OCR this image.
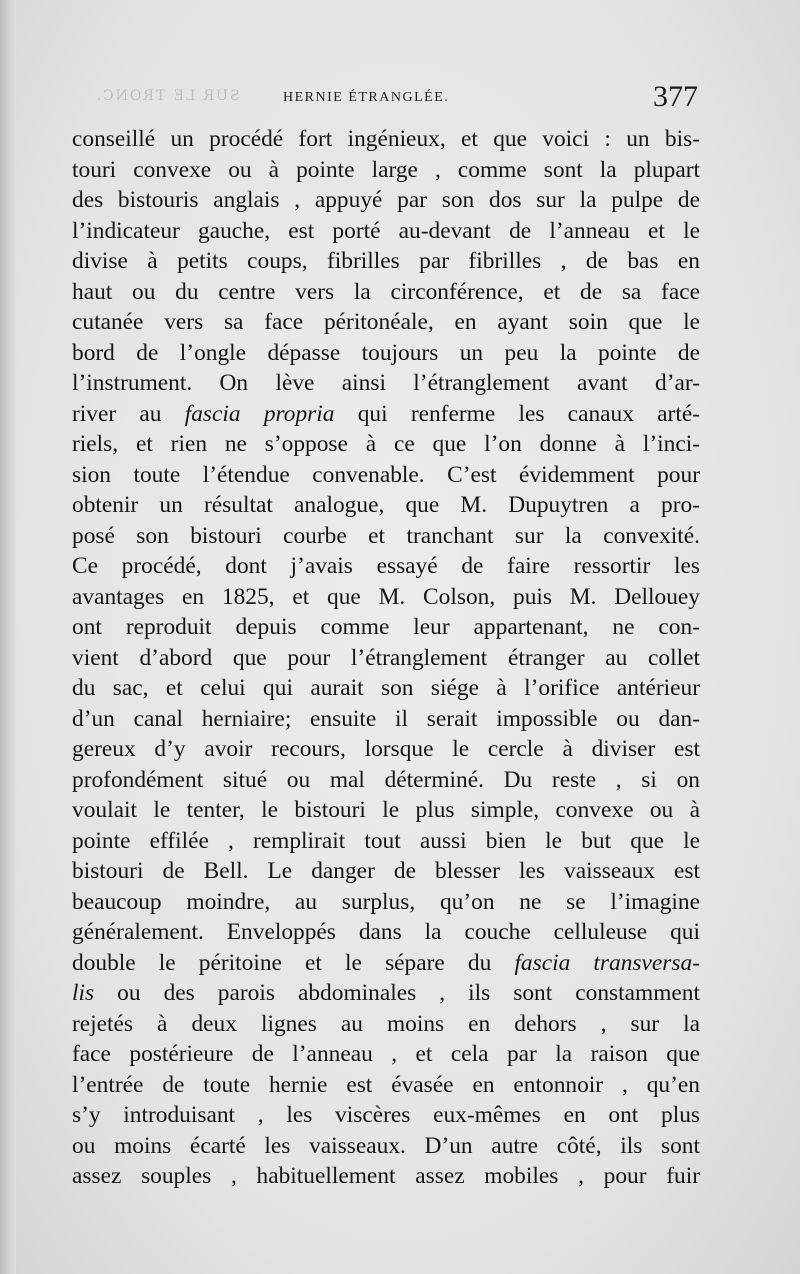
SUR LE TRONC.	HERNIE ÉTRANGLÉE.	377
conseillé un procédé fort ingénieux, et que voici : un bis-
touri convexe ou à pointe large , comme sont la plupart
des bistouris anglais , appuyé par son dos sur la pulpe de
l’indicateur gauche, est porté au-devant de l’anneau et le
divise à petits coups, fibrilles par fibrilles , de bas en
haut ou du centre vers la circonférence, et de sa face
cutanée vers sa face péritonéale, en ayant soin que le
bord de l’ongle dépasse toujours un peu la pointe de
l’instrument. On lève ainsi l’étranglement avant d’ar-
river au fascia propria qui renferme les canaux arté-
riels, et rien ne s’oppose à ce que l’on donne à l’inci-
sion toute l’étendue convenable. C’est évidemment pour
obtenir un résultat analogue, que M. Dupuytren a pro-
posé son bistouri courbe et tranchant sur la convexité.
Ce procédé, dont j’avais essayé de faire ressortir les
avantages en 1825, et que M. Colson, puis M. Dellouey
ont reproduit depuis comme leur appartenant, ne con-
vient d’abord que pour l’étranglement étranger au collet
du sac, et celui qui aurait son siége à l’orifice antérieur
d’un canal herniaire; ensuite il serait impossible ou dan-
gereux d’y avoir recours, lorsque le cercle à diviser est
profondément situé ou mal déterminé. Du reste , si on
voulait le tenter, le bistouri le plus simple, convexe ou à
pointe effilée , remplirait tout aussi bien le but que le
bistouri de Bell. Le danger de blesser les vaisseaux est
beaucoup moindre, au surplus, qu’on ne se l’imagine
généralement. Enveloppés dans la couche celluleuse qui
double le péritoine et le sépare du fascia transversa-
lis ou des parois abdominales , ils sont constamment
rejetés à deux lignes au moins en dehors , sur la
face postérieure de l’anneau , et cela par la raison que
l’entrée de toute hernie est évasée en entonnoir , qu’en
s’y introduisant , les viscères eux-mêmes en ont plus
ou moins écarté les vaisseaux. D’un autre côté, ils sont
assez souples , habituellement assez mobiles , pour fuir
